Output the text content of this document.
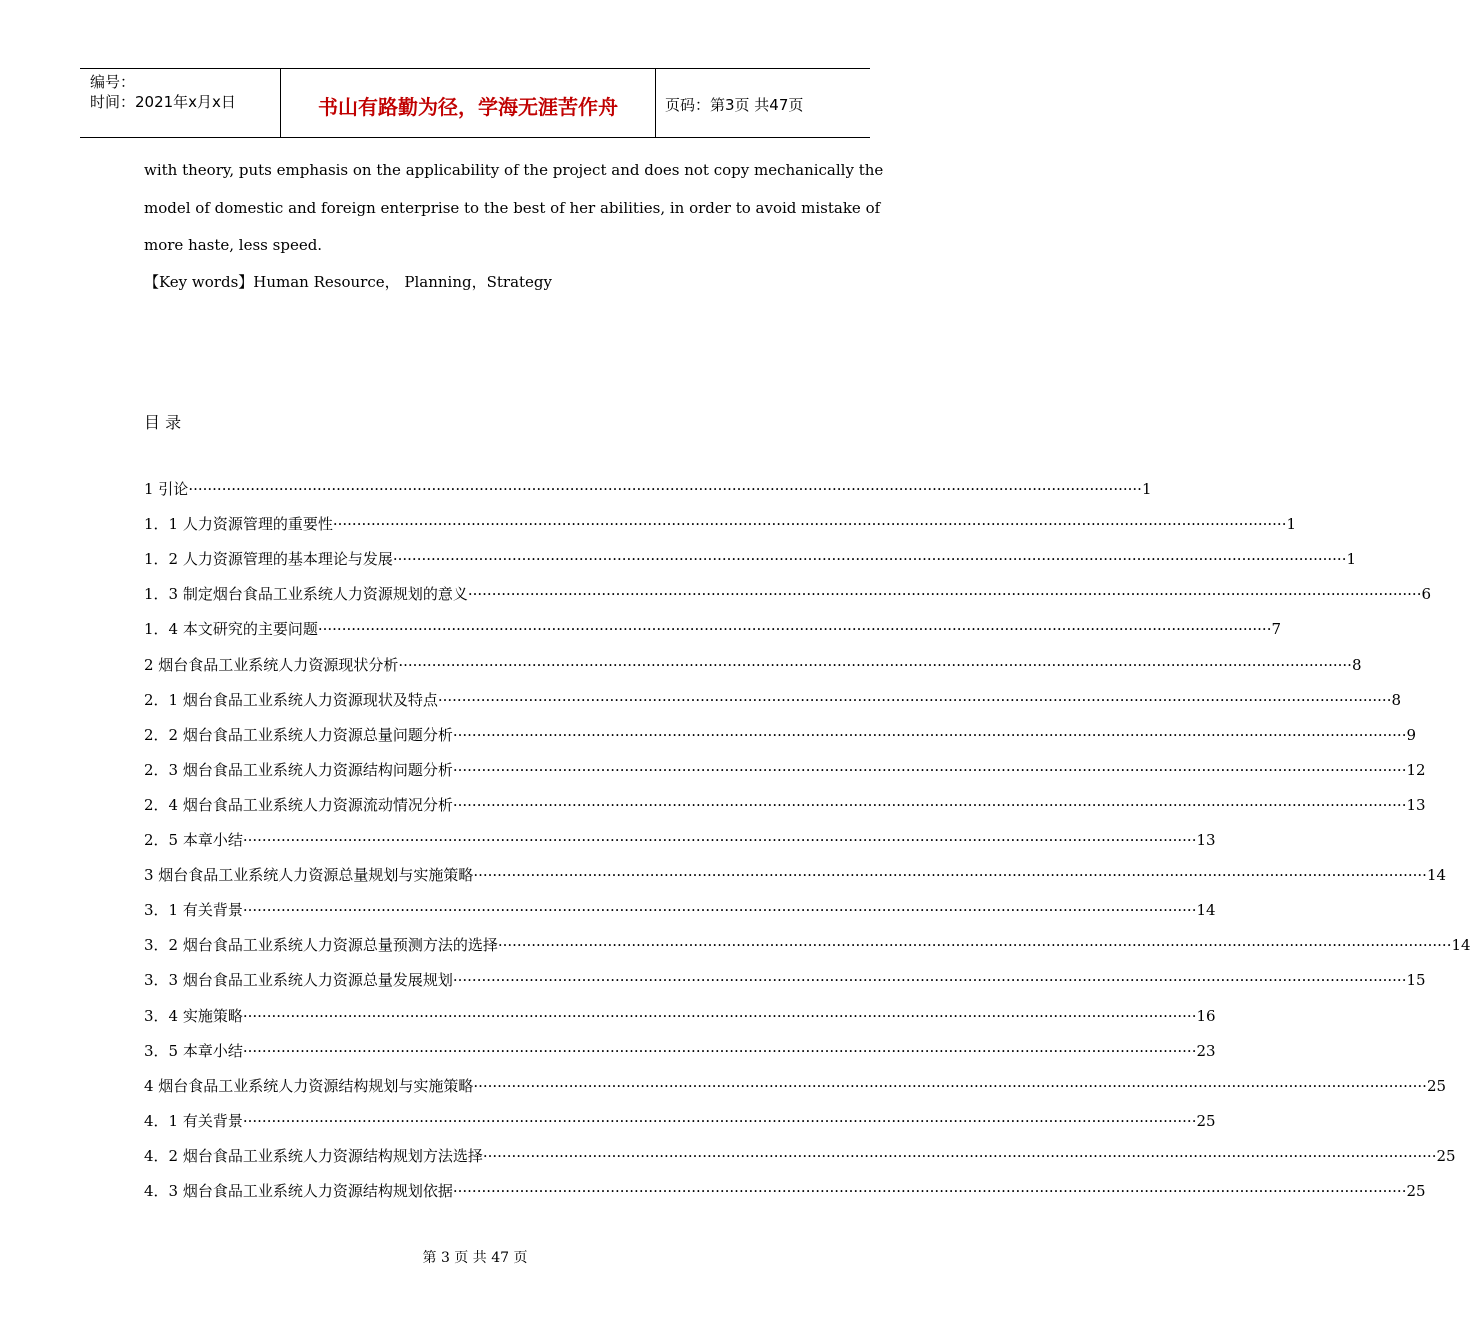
编号：
时间：2021年x月x日	书山有路勤为径，学海无涯苦作舟	页码：第3页 共47页
with theory, puts emphasis on the applicability of the project and does not copy mechanically the
model of domestic and foreign enterprise to the best of her abilities, in order to avoid mistake of
more haste, less speed.
【Key words】Human Resource， Planning，Strategy
目 录
1 引论 ········································································································································································································ 1
1．1 人力资源管理的重要性 ········································································································································································································ 1
1．2 人力资源管理的基本理论与发展 ········································································································································································································ 1
1．3 制定烟台食品工业系统人力资源规划的意义 ········································································································································································································ 6
1．4 本文研究的主要问题 ········································································································································································································ 7
2 烟台食品工业系统人力资源现状分析 ········································································································································································································ 8
2．1 烟台食品工业系统人力资源现状及特点 ········································································································································································································ 8
2．2 烟台食品工业系统人力资源总量问题分析 ········································································································································································································ 9
2．3 烟台食品工业系统人力资源结构问题分析 ········································································································································································································ 12
2．4 烟台食品工业系统人力资源流动情况分析 ········································································································································································································ 13
2．5 本章小结 ········································································································································································································ 13
3 烟台食品工业系统人力资源总量规划与实施策略 ········································································································································································································ 14
3．1 有关背景 ········································································································································································································ 14
3．2 烟台食品工业系统人力资源总量预测方法的选择 ········································································································································································································ 14
3．3 烟台食品工业系统人力资源总量发展规划 ········································································································································································································ 15
3．4 实施策略 ········································································································································································································ 16
3．5 本章小结 ········································································································································································································ 23
4 烟台食品工业系统人力资源结构规划与实施策略 ········································································································································································································ 25
4．1 有关背景 ········································································································································································································ 25
4．2 烟台食品工业系统人力资源结构规划方法选择 ········································································································································································································ 25
4．3 烟台食品工业系统人力资源结构规划依据 ········································································································································································································ 25
第 3 页 共 47 页
